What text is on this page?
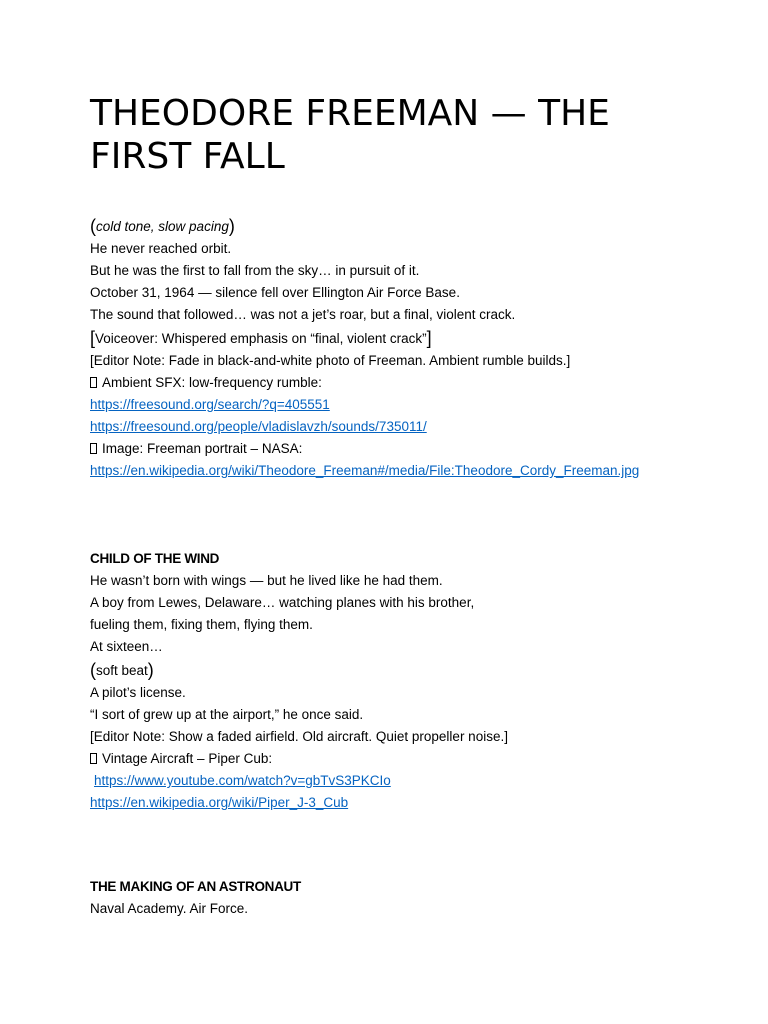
THEODORE FREEMAN — THE FIRST FALL
(cold tone, slow pacing)
He never reached orbit.
But he was the first to fall from the sky… in pursuit of it.
October 31, 1964 — silence fell over Ellington Air Force Base.
The sound that followed… was not a jet’s roar, but a final, violent crack.
[Voiceover: Whispered emphasis on “final, violent crack”]
[Editor Note: Fade in black-and-white photo of Freeman. Ambient rumble builds.]
Ambient SFX: low-frequency rumble:
https://freesound.org/search/?q=405551
https://freesound.org/people/vladislavzh/sounds/735011/
Image: Freeman portrait – NASA:
https://en.wikipedia.org/wiki/Theodore_Freeman#/media/File:Theodore_Cordy_Freeman.jpg
CHILD OF THE WIND
He wasn’t born with wings — but he lived like he had them.
A boy from Lewes, Delaware… watching planes with his brother,
fueling them, fixing them, flying them.
At sixteen…
(soft beat)
A pilot’s license.
“I sort of grew up at the airport,” he once said.
[Editor Note: Show a faded airfield. Old aircraft. Quiet propeller noise.]
Vintage Aircraft – Piper Cub:
https://www.youtube.com/watch?v=gbTvS3PKCIo
https://en.wikipedia.org/wiki/Piper_J-3_Cub
THE MAKING OF AN ASTRONAUT
Naval Academy. Air Force.
